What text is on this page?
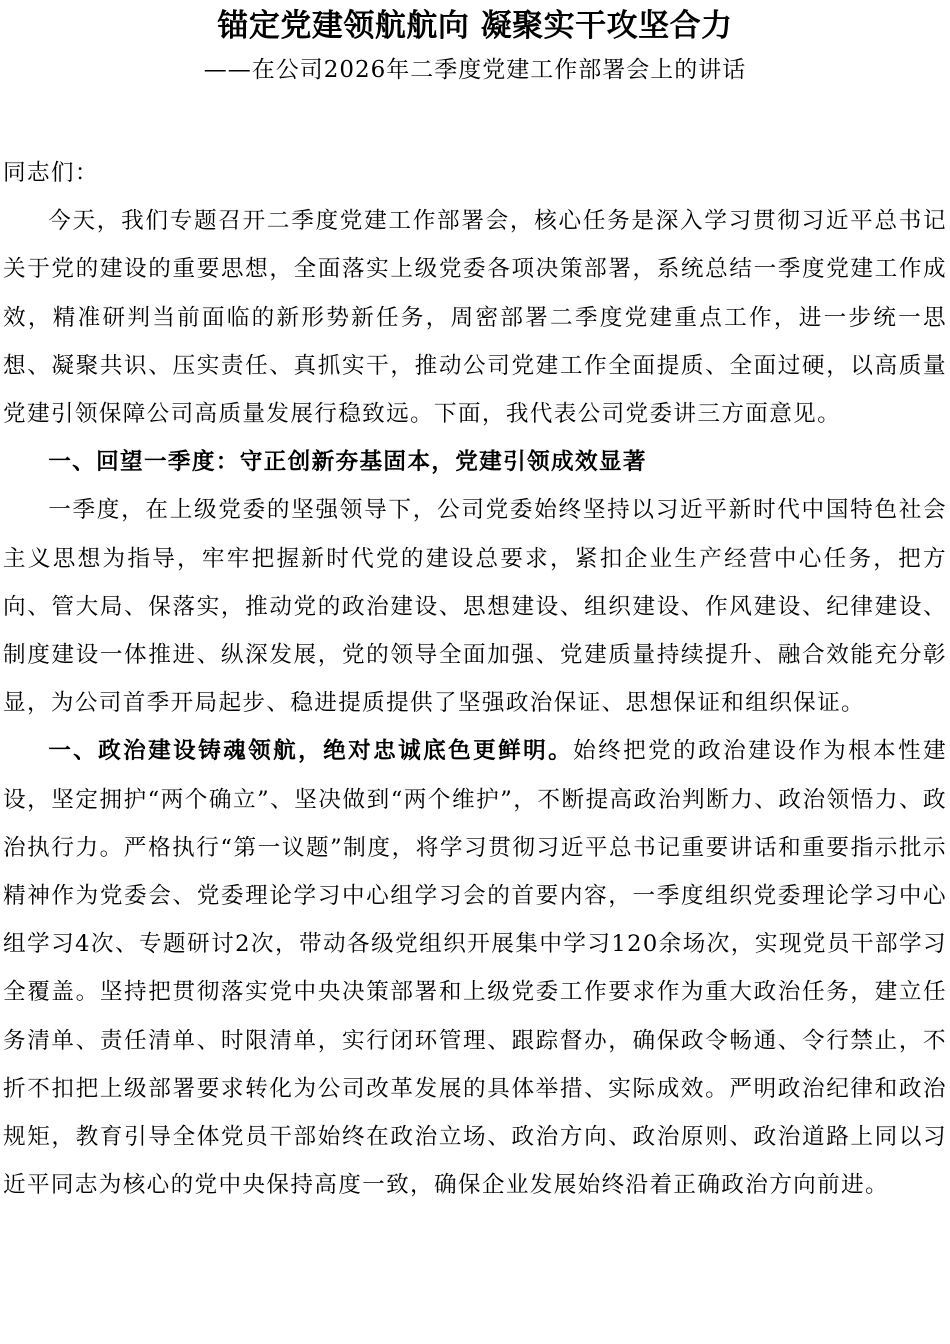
锚定党建领航航向 凝聚实干攻坚合力
——在公司2026年二季度党建工作部署会上的讲话

同志们：

今天，我们专题召开二季度党建工作部署会，核心任务是深入学习贯彻习近平总书记关于党的建设的重要思想，全面落实上级党委各项决策部署，系统总结一季度党建工作成效，精准研判当前面临的新形势新任务，周密部署二季度党建重点工作，进一步统一思想、凝聚共识、压实责任、真抓实干，推动公司党建工作全面提质、全面过硬，以高质量党建引领保障公司高质量发展行稳致远。下面，我代表公司党委讲三方面意见。

一、回望一季度：守正创新夯基固本，党建引领成效显著

一季度，在上级党委的坚强领导下，公司党委始终坚持以习近平新时代中国特色社会主义思想为指导，牢牢把握新时代党的建设总要求，紧扣企业生产经营中心任务，把方向、管大局、保落实，推动党的政治建设、思想建设、组织建设、作风建设、纪律建设、制度建设一体推进、纵深发展，党的领导全面加强、党建质量持续提升、融合效能充分彰显，为公司首季开局起步、稳进提质提供了坚强政治保证、思想保证和组织保证。

一、政治建设铸魂领航，绝对忠诚底色更鲜明。始终把党的政治建设作为根本性建设，坚定拥护“两个确立”、坚决做到“两个维护”，不断提高政治判断力、政治领悟力、政治执行力。严格执行“第一议题”制度，将学习贯彻习近平总书记重要讲话和重要指示批示精神作为党委会、党委理论学习中心组学习会的首要内容，一季度组织党委理论学习中心组学习4次、专题研讨2次，带动各级党组织开展集中学习120余场次，实现党员干部学习全覆盖。坚持把贯彻落实党中央决策部署和上级党委工作要求作为重大政治任务，建立任务清单、责任清单、时限清单，实行闭环管理、跟踪督办，确保政令畅通、令行禁止，不折不扣把上级部署要求转化为公司改革发展的具体举措、实际成效。严明政治纪律和政治规矩，教育引导全体党员干部始终在政治立场、政治方向、政治原则、政治道路上同以习近平同志为核心的党中央保持高度一致，确保企业发展始终沿着正确政治方向前进。
